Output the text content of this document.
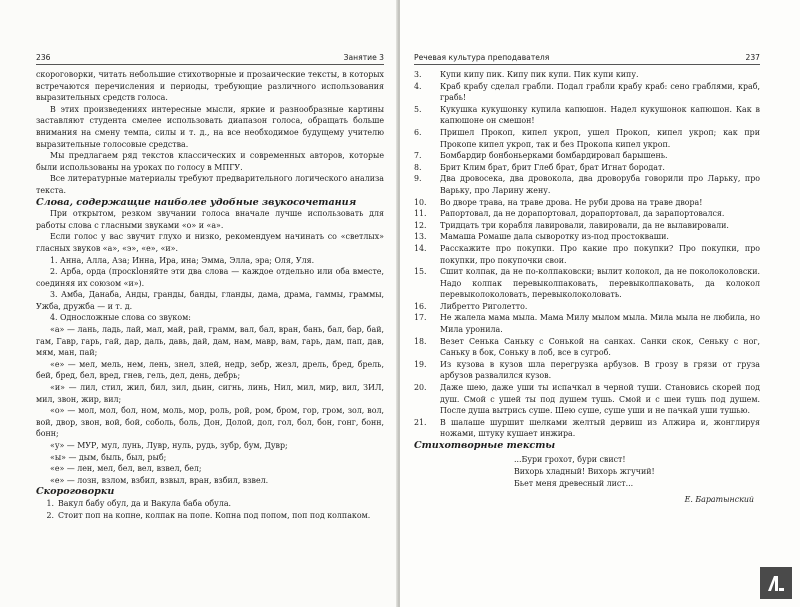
236	Занятие 3

скороговорки, читать небольшие стихотворные и прозаические тексты, в которых встречаются перечисления и периоды, требующие различного использования выразительных средств голоса.

В этих произведениях интересные мысли, яркие и разнообразные картины заставляют студента смелее использовать диапазон голоса, обращать больше внимания на смену темпа, силы и т. д., на все необходимое будущему учителю выразительные голосовые средства.

Мы предлагаем ряд текстов классических и современных авторов, которые были использованы на уроках по голосу в МПГУ.

Все литературные материалы требуют предварительного логического анализа текста.

Слова, содержащие наиболее удобные звукосочетания

При открытом, резком звучании голоса вначале лучше использовать для работы слова с гласными звуками «о» и «а».

Если голос у вас звучит глухо и низко, рекомендуем начинать со «светлых» гласных звуков «а», «э», «е», «и».

1. Анна, Алла, Аза; Инна, Ира, ина; Эмма, Элла, эра; Оля, Уля.

2. Арба, орда (проскloняйте эти два слова — каждое отдельно или оба вместе, соединяя их союзом «и»).

3. Амба, Данаба, Анды, гранды, банды, гланды, дама, драма, гаммы, граммы, Ужба, дружба — и т. д.

4. Односложные слова со звуком:

«а» — лань, ладь, лай, мал, май, рай, грамм, вал, бал, вран, бань, бал, бар, бай, гам, Гавр, гарь, гай, дар, даль, давь, дай, дам, нам, мавр, вам, гарь, дам, пап, дав, мям, ман, пай;

«е» — мел, мель, нем, лень, знел, злей, недр, зебр, жезл, дрель, бред, брель, бей, бред, бел, вред, гнев, гель, дел, день, дебрь;

«и» — лил, стил, жил, бил, зил, дьин, сигнь, линь, Нил, мил, мир, вил, ЗИЛ, мил, звон, жир, вил;

«о» — мол, мол, бол, ном, моль, мор, роль, рой, ром, бром, гор, гром, зол, вол, вой, двор, звон, вой, бой, соболь, боль, Дон, Долой, дол, гол, бол, бон, гонг, бонн, бонн;

«у» — МУР, мул, лунь, Лувр, нуль, рудь, зубр, бум, Дувр;

«ы» — дым, быль, был, рыб;

«е» — лен, мел, бел, вел, взвел, бел;

«е» — лозн, взлом, взбил, взвыл, вран, взбил, взвел.

Скороговорки

1. Вакул бабу обул, да и Вакула баба обула.
2. Стоит поп на копне, колпак на попе. Копна под попом, поп под колпаком.
Речевая культура преподавателя	237
3.	Купи кипу пик. Кипу пик купи. Пик купи кипу.
4.	Краб крабу сделал грабли. Подал грабли крабу краб: сено граблями, краб, грабь!
5.	Кукушка кукушонку купила капюшон. Надел кукушонок капюшон. Как в капюшоне он смешон!
6.	Пришел Прокоп, кипел укроп, ушел Прокоп, кипел укроп; как при Прокопе кипел укроп, так и без Прокопа кипел укроп.
7.	Бомбардир бонбоньерками бомбардировал барышень.
8.	Брит Клим брат, брит Глеб брат, брат Игнат бородат.
9.	Два дровосека, два дровокола, два дроворуба говорили про Ларьку, про Варьку, про Ларину жену.
10.	Во дворе трава, на траве дрова. Не руби дрова на траве двора!
11.	Рапортовал, да не дорапортовал, дорапортовал, да зарапортовался.
12.	Тридцать три корабля лавировали, лавировали, да не вылавировали.
13.	Мамаша Ромаше дала сыворотку из-под простокваши.
14.	Расскажите про покупки. Про какие про покупки? Про покупки, про покупки, про покупочки свои.
15.	Сшит колпак, да не по-колпаковски; вылит колокол, да не поколоколовски. Надо колпак перевыколпаковать, перевыколпаковать, да колокол перевыколоколовать, перевыколоколовать.
16.	Либретто Риголетто.
17.	Не жалела мама мыла. Мама Милу мылом мыла. Мила мыла не любила, но Мила уронила.
18.	Везет Сенька Саньку с Сонькой на санках. Санки скок, Сеньку с ног, Саньку в бок, Соньку в лоб, все в сугроб.
19.	Из кузова в кузов шла перегрузка арбузов. В грозу в грязи от груза арбузов развалился кузов.
20.	Даже шею, даже уши ты испачкал в черной туши. Становись скорей под душ. Смой с ушей ты под душем тушь. Смой и с шеи тушь под душем. После душа вытрись суше. Шею суше, суше уши и не пачкай уши тушью.
21.	В шалаше шуршит шелками желтый дервиш из Алжира и, жонглируя ножами, штуку кушает инжира.

Стихотворные тексты

...Бури грохот, бури свист!
Вихорь хладный! Вихорь жгучий!
Бьет меня древесный лист...
Е. Баратынский
